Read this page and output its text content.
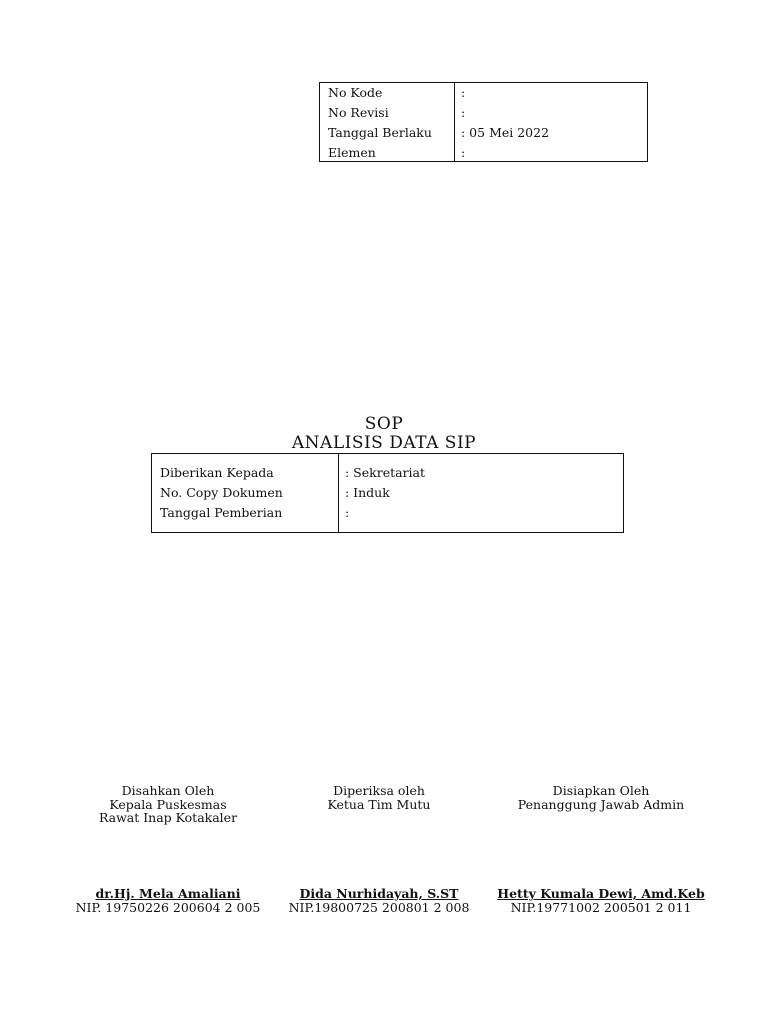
No Kode
No Revisi
Tanggal Berlaku
Elemen
:
:
: 05 Mei 2022
:
SOP
ANALISIS DATA SIP
Diberikan Kepada
No. Copy Dokumen
Tanggal Pemberian
: Sekretariat
: Induk
:
Disahkan Oleh
Kepala Puskesmas
Rawat Inap Kotakaler
dr.Hj. Mela Amaliani
NIP. 19750226 200604 2 005
Diperiksa oleh
Ketua Tim Mutu
Dida Nurhidayah, S.ST
NIP.19800725 200801 2 008
Disiapkan Oleh
Penanggung Jawab Admin
Hetty Kumala Dewi, Amd.Keb
NIP.19771002 200501 2 011
